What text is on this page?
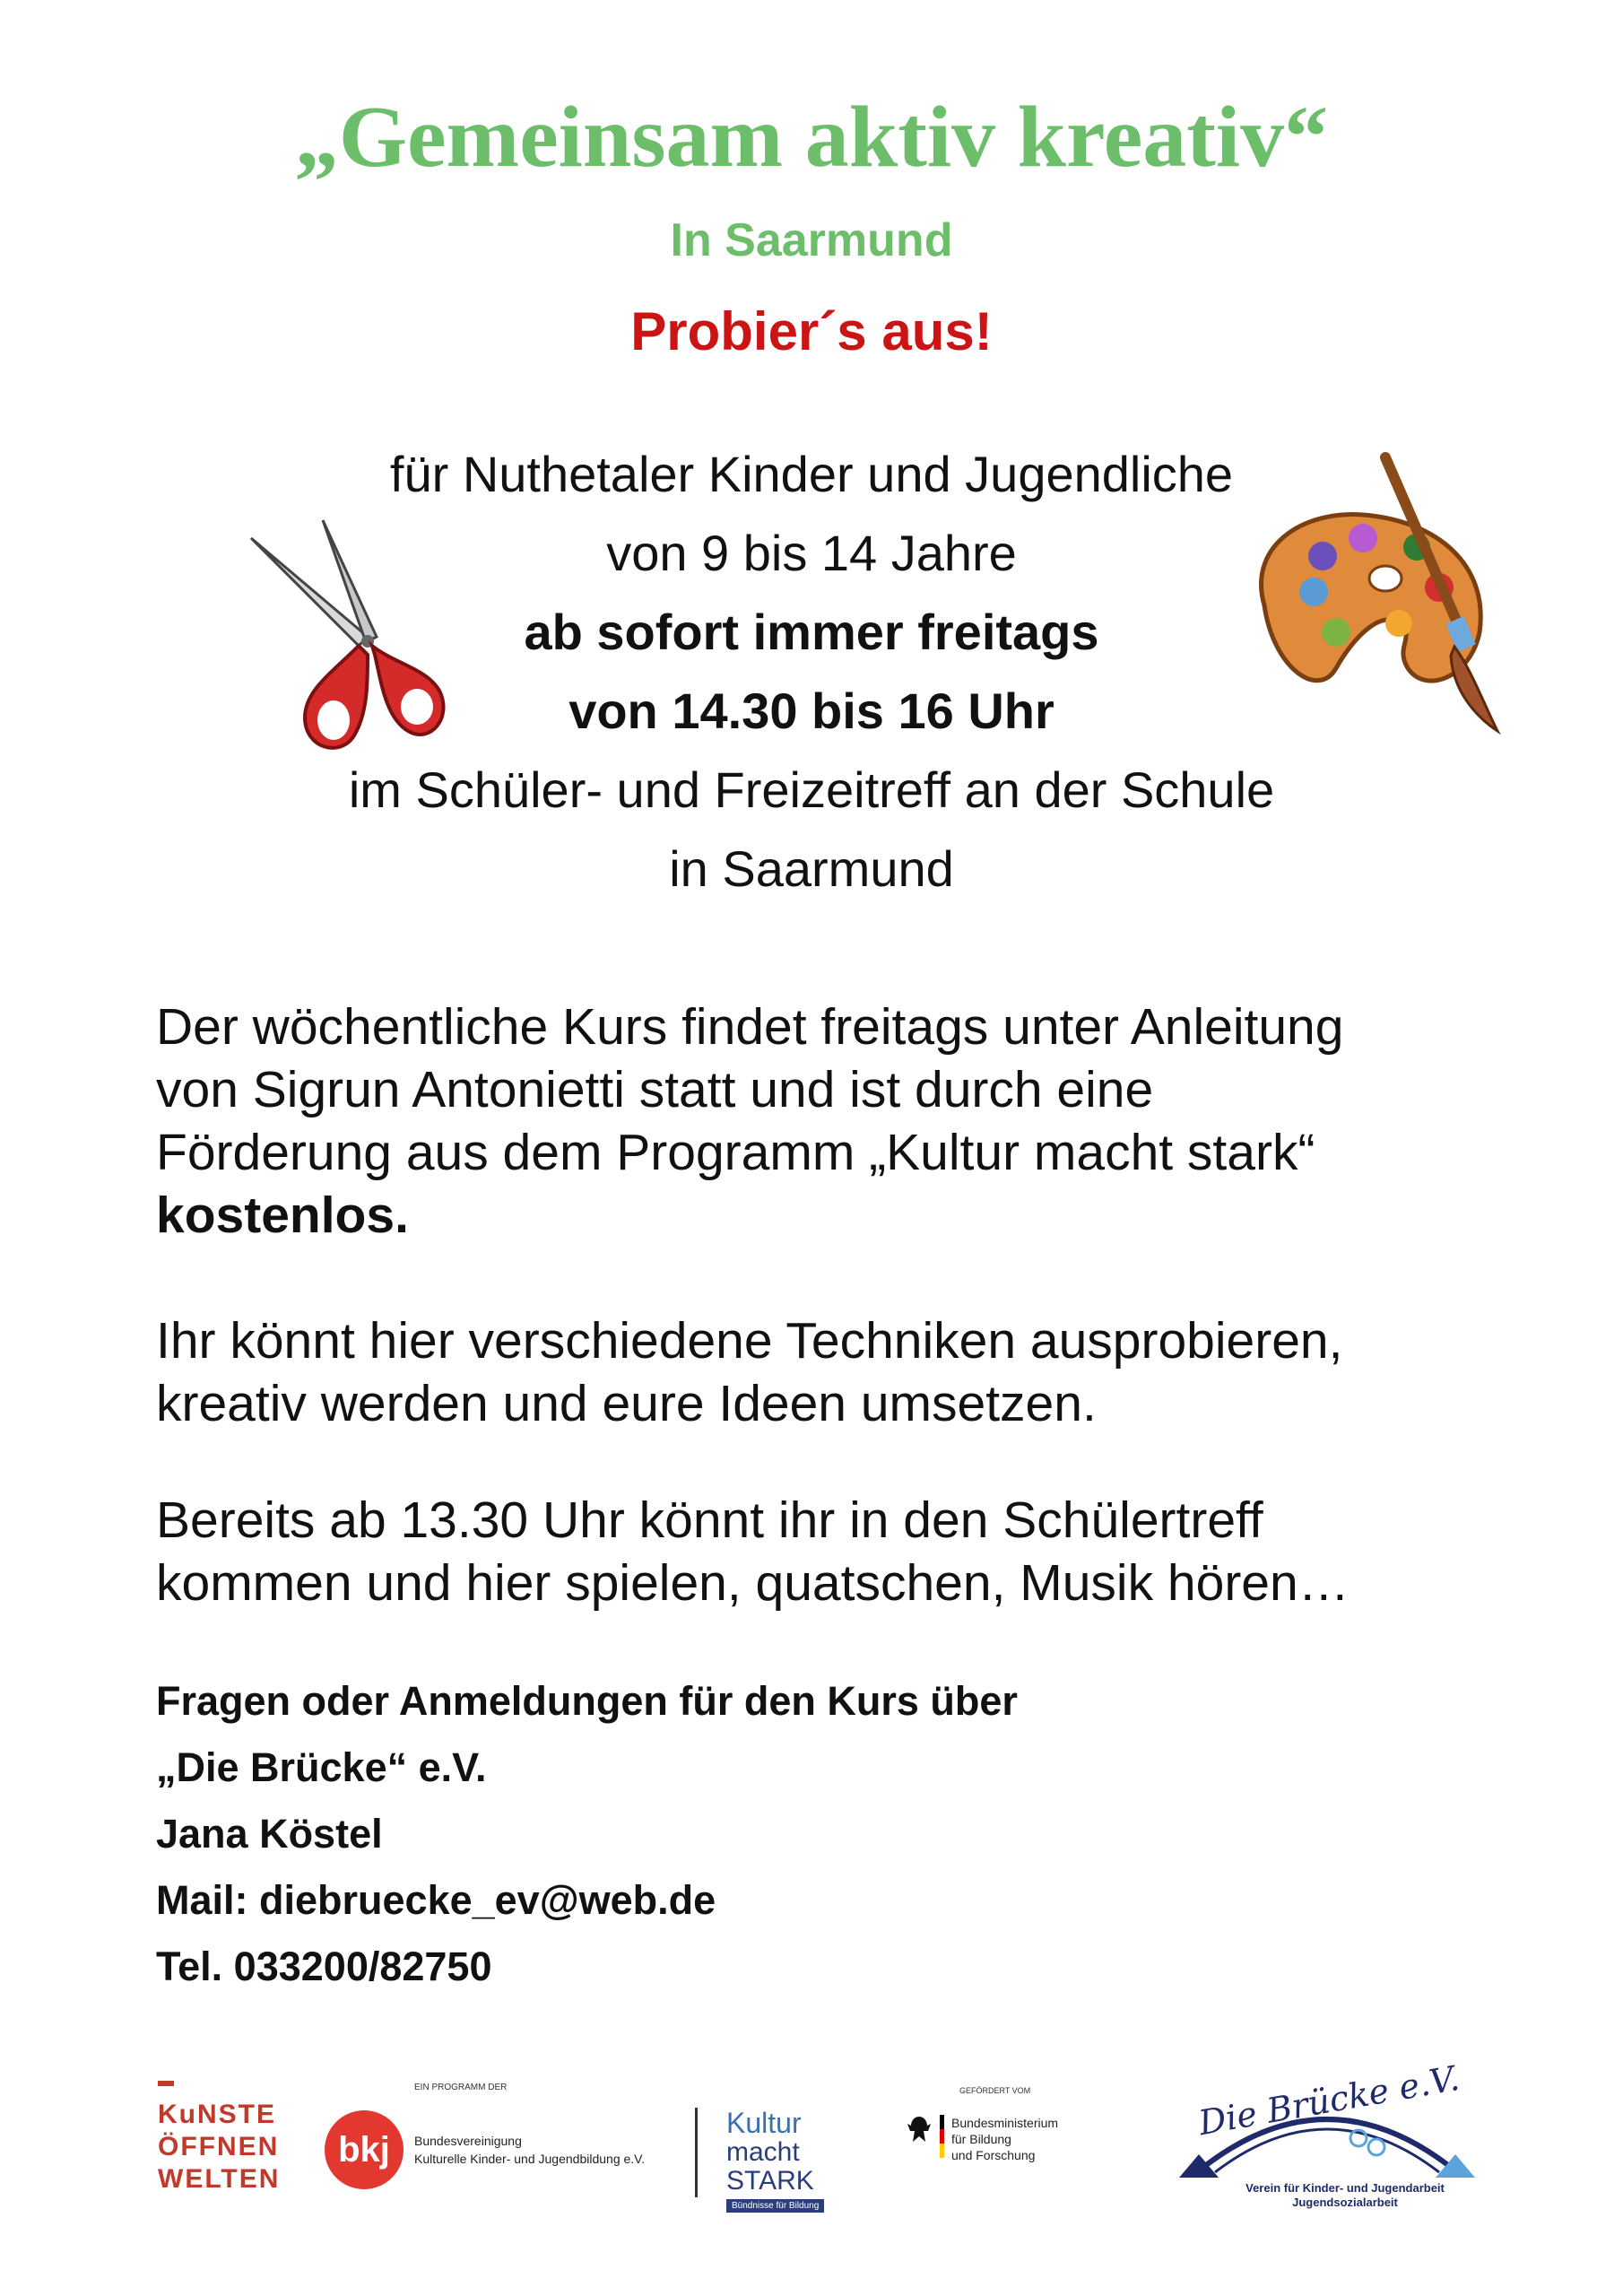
„Gemeinsam aktiv kreativ“
In Saarmund
Probier´s aus!
für Nuthetaler Kinder und Jugendliche
von 9 bis 14 Jahre
ab sofort immer freitags
von 14.30 bis 16 Uhr
im Schüler- und Freizeitreff an der Schule
in Saarmund
Der wöchentliche Kurs findet freitags unter Anleitung
von Sigrun Antonietti statt und ist durch eine
Förderung aus dem Programm „Kultur macht stark“
kostenlos.
Ihr könnt hier verschiedene Techniken ausprobieren,
kreativ werden und eure Ideen umsetzen.
Bereits ab 13.30 Uhr könnt ihr in den Schülertreff
kommen und hier spielen, quatschen, Musik hören…
Fragen oder Anmeldungen für den Kurs über
„Die Brücke“ e.V.
Jana Köstel
Mail: diebruecke_ev@web.de
Tel. 033200/82750
KuNSTE
ÖFFNEN
WELTEN
EIN PROGRAMM DER
bkj	Bundesvereinigung
Kulturelle Kinder- und Jugendbildung e.V.
Kultur
macht STARK
Bündnisse für Bildung
GEFÖRDERT VOM
Bundesministerium
für Bildung
und Forschung
Die Brücke e.V.
Verein für Kinder- und Jugendarbeit
Jugendsozialarbeit
